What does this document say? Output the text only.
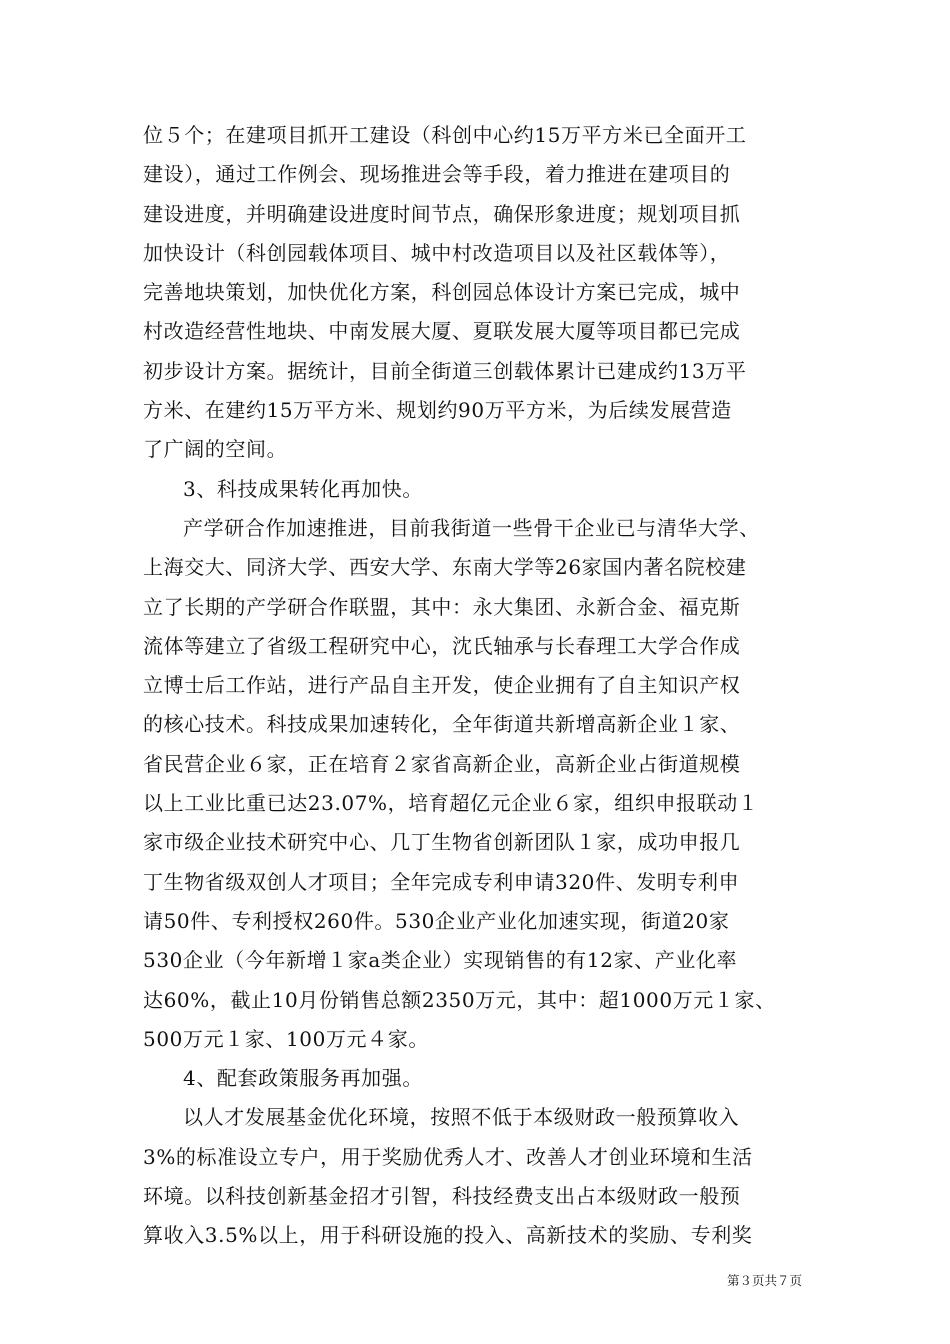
位５个；在建项目抓开工建设（科创中心约15万平方米已全面开工
建设），通过工作例会、现场推进会等手段，着力推进在建项目的
建设进度，并明确建设进度时间节点，确保形象进度；规划项目抓
加快设计（科创园载体项目、城中村改造项目以及社区载体等），
完善地块策划，加快优化方案，科创园总体设计方案已完成，城中
村改造经营性地块、中南发展大厦、夏联发展大厦等项目都已完成
初步设计方案。据统计，目前全街道三创载体累计已建成约13万平
方米、在建约15万平方米、规划约90万平方米，为后续发展营造
了广阔的空间。
3、科技成果转化再加快。
产学研合作加速推进，目前我街道一些骨干企业已与清华大学、
上海交大、同济大学、西安大学、东南大学等26家国内著名院校建
立了长期的产学研合作联盟，其中：永大集团、永新合金、福克斯
流体等建立了省级工程研究中心，沈氏轴承与长春理工大学合作成
立博士后工作站，进行产品自主开发，使企业拥有了自主知识产权
的核心技术。科技成果加速转化，全年街道共新增高新企业１家、
省民营企业６家，正在培育２家省高新企业，高新企业占街道规模
以上工业比重已达23.07%，培育超亿元企业６家，组织申报联动１
家市级企业技术研究中心、几丁生物省创新团队１家，成功申报几
丁生物省级双创人才项目；全年完成专利申请320件、发明专利申
请50件、专利授权260件。530企业产业化加速实现，街道20家
530企业（今年新增１家a类企业）实现销售的有12家、产业化率
达60%，截止10月份销售总额2350万元，其中：超1000万元１家、
500万元１家、100万元４家。
4、配套政策服务再加强。
以人才发展基金优化环境，按照不低于本级财政一般预算收入
3%的标准设立专户，用于奖励优秀人才、改善人才创业环境和生活
环境。以科技创新基金招才引智，科技经费支出占本级财政一般预
算收入3.5%以上，用于科研设施的投入、高新技术的奖励、专利奖
第３页共７页
